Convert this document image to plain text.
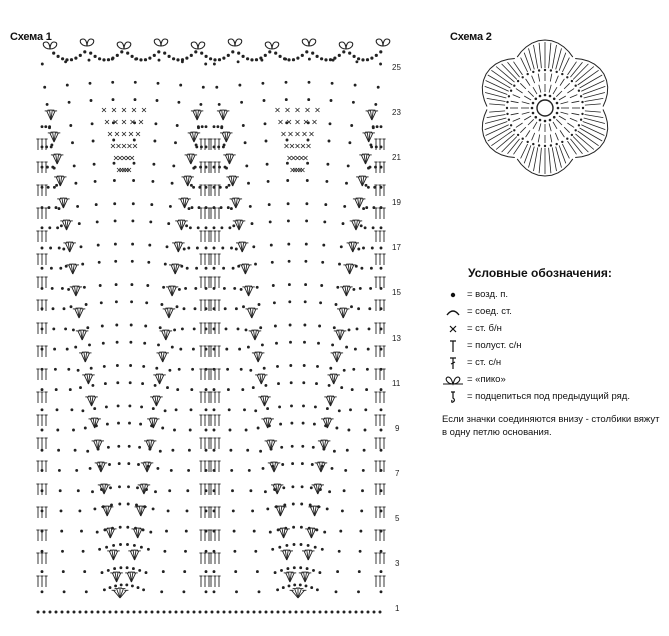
Схема 1
25
23
21
19
17
15
13
11
9
7
5
3
1
Схема 2
Условные обозначения:
= возд. п.
= соед. ст.
= ст. б/н
= полуст. с/н
= ст. с/н
= «пико»
= подцепиться под предыдущий ряд.
Если значки соединяются внизу - столбики вяжут в одну петлю основания.
